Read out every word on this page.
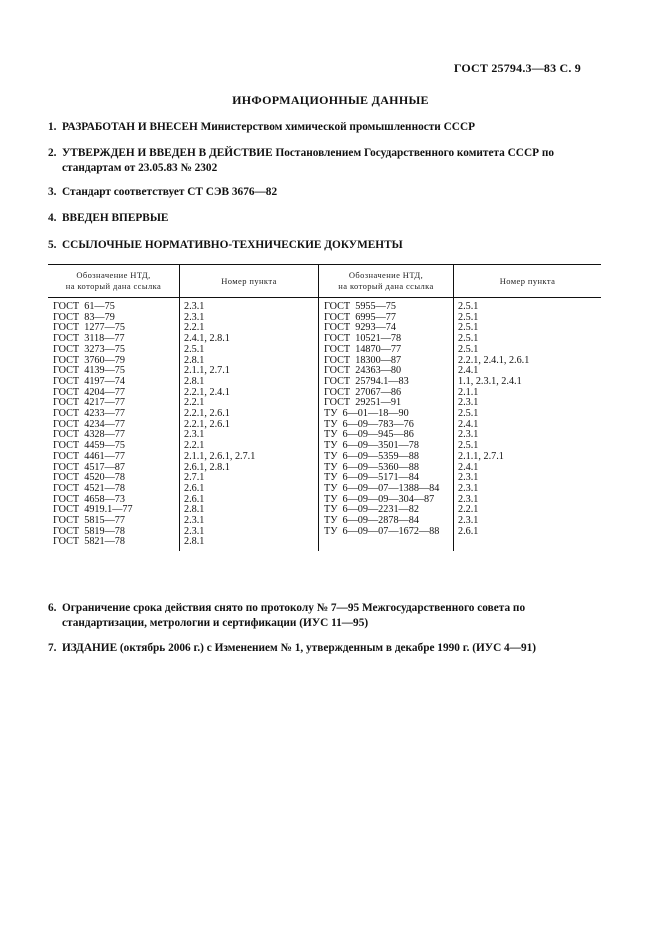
ГОСТ 25794.3—83 С. 9
ИНФОРМАЦИОННЫЕ ДАННЫЕ
1. РАЗРАБОТАН И ВНЕСЕН Министерством химической промышленности СССР
2. УТВЕРЖДЕН И ВВЕДЕН В ДЕЙСТВИЕ Постановлением Государственного комитета СССР по
стандартам от 23.05.83 № 2302
3. Стандарт соответствует СТ СЭВ 3676—82
4. ВВЕДЕН ВПЕРВЫЕ
5. ССЫЛОЧНЫЕ НОРМАТИВНО-ТЕХНИЧЕСКИЕ ДОКУМЕНТЫ
Обозначение НТД,
на который дана ссылка	Номер пункта	Обозначение НТД,
на который дана ссылка	Номер пункта
ГОСТ  61—75	2.3.1	ГОСТ  5955—75	2.5.1
ГОСТ  83—79	2.3.1	ГОСТ  6995—77	2.5.1
ГОСТ  1277—75	2.2.1	ГОСТ  9293—74	2.5.1
ГОСТ  3118—77	2.4.1, 2.8.1	ГОСТ  10521—78	2.5.1
ГОСТ  3273—75	2.5.1	ГОСТ  14870—77	2.5.1
ГОСТ  3760—79	2.8.1	ГОСТ  18300—87	2.2.1, 2.4.1, 2.6.1
ГОСТ  4139—75	2.1.1, 2.7.1	ГОСТ  24363—80	2.4.1
ГОСТ  4197—74	2.8.1	ГОСТ  25794.1—83	1.1, 2.3.1, 2.4.1
ГОСТ  4204—77	2.2.1, 2.4.1	ГОСТ  27067—86	2.1.1
ГОСТ  4217—77	2.2.1	ГОСТ  29251—91	2.3.1
ГОСТ  4233—77	2.2.1, 2.6.1	ТУ  6—01—18—90	2.5.1
ГОСТ  4234—77	2.2.1, 2.6.1	ТУ  6—09—783—76	2.4.1
ГОСТ  4328—77	2.3.1	ТУ  6—09—945—86	2.3.1
ГОСТ  4459—75	2.2.1	ТУ  6—09—3501—78	2.5.1
ГОСТ  4461—77	2.1.1, 2.6.1, 2.7.1	ТУ  6—09—5359—88	2.1.1, 2.7.1
ГОСТ  4517—87	2.6.1, 2.8.1	ТУ  6—09—5360—88	2.4.1
ГОСТ  4520—78	2.7.1	ТУ  6—09—5171—84	2.3.1
ГОСТ  4521—78	2.6.1	ТУ  6—09—07—1388—84	2.3.1
ГОСТ  4658—73	2.6.1	ТУ  6—09—09—304—87	2.3.1
ГОСТ  4919.1—77	2.8.1	ТУ  6—09—2231—82	2.2.1
ГОСТ  5815—77	2.3.1	ТУ  6—09—2878—84	2.3.1
ГОСТ  5819—78	2.3.1	ТУ  6—09—07—1672—88	2.6.1
ГОСТ  5821—78	2.8.1		
6. Ограничение срока действия снято по протоколу № 7—95 Межгосударственного совета по
стандартизации, метрологии и сертификации (ИУС 11—95)
7. ИЗДАНИЕ (октябрь 2006 г.) с Изменением № 1, утвержденным в декабре 1990 г. (ИУС 4—91)
